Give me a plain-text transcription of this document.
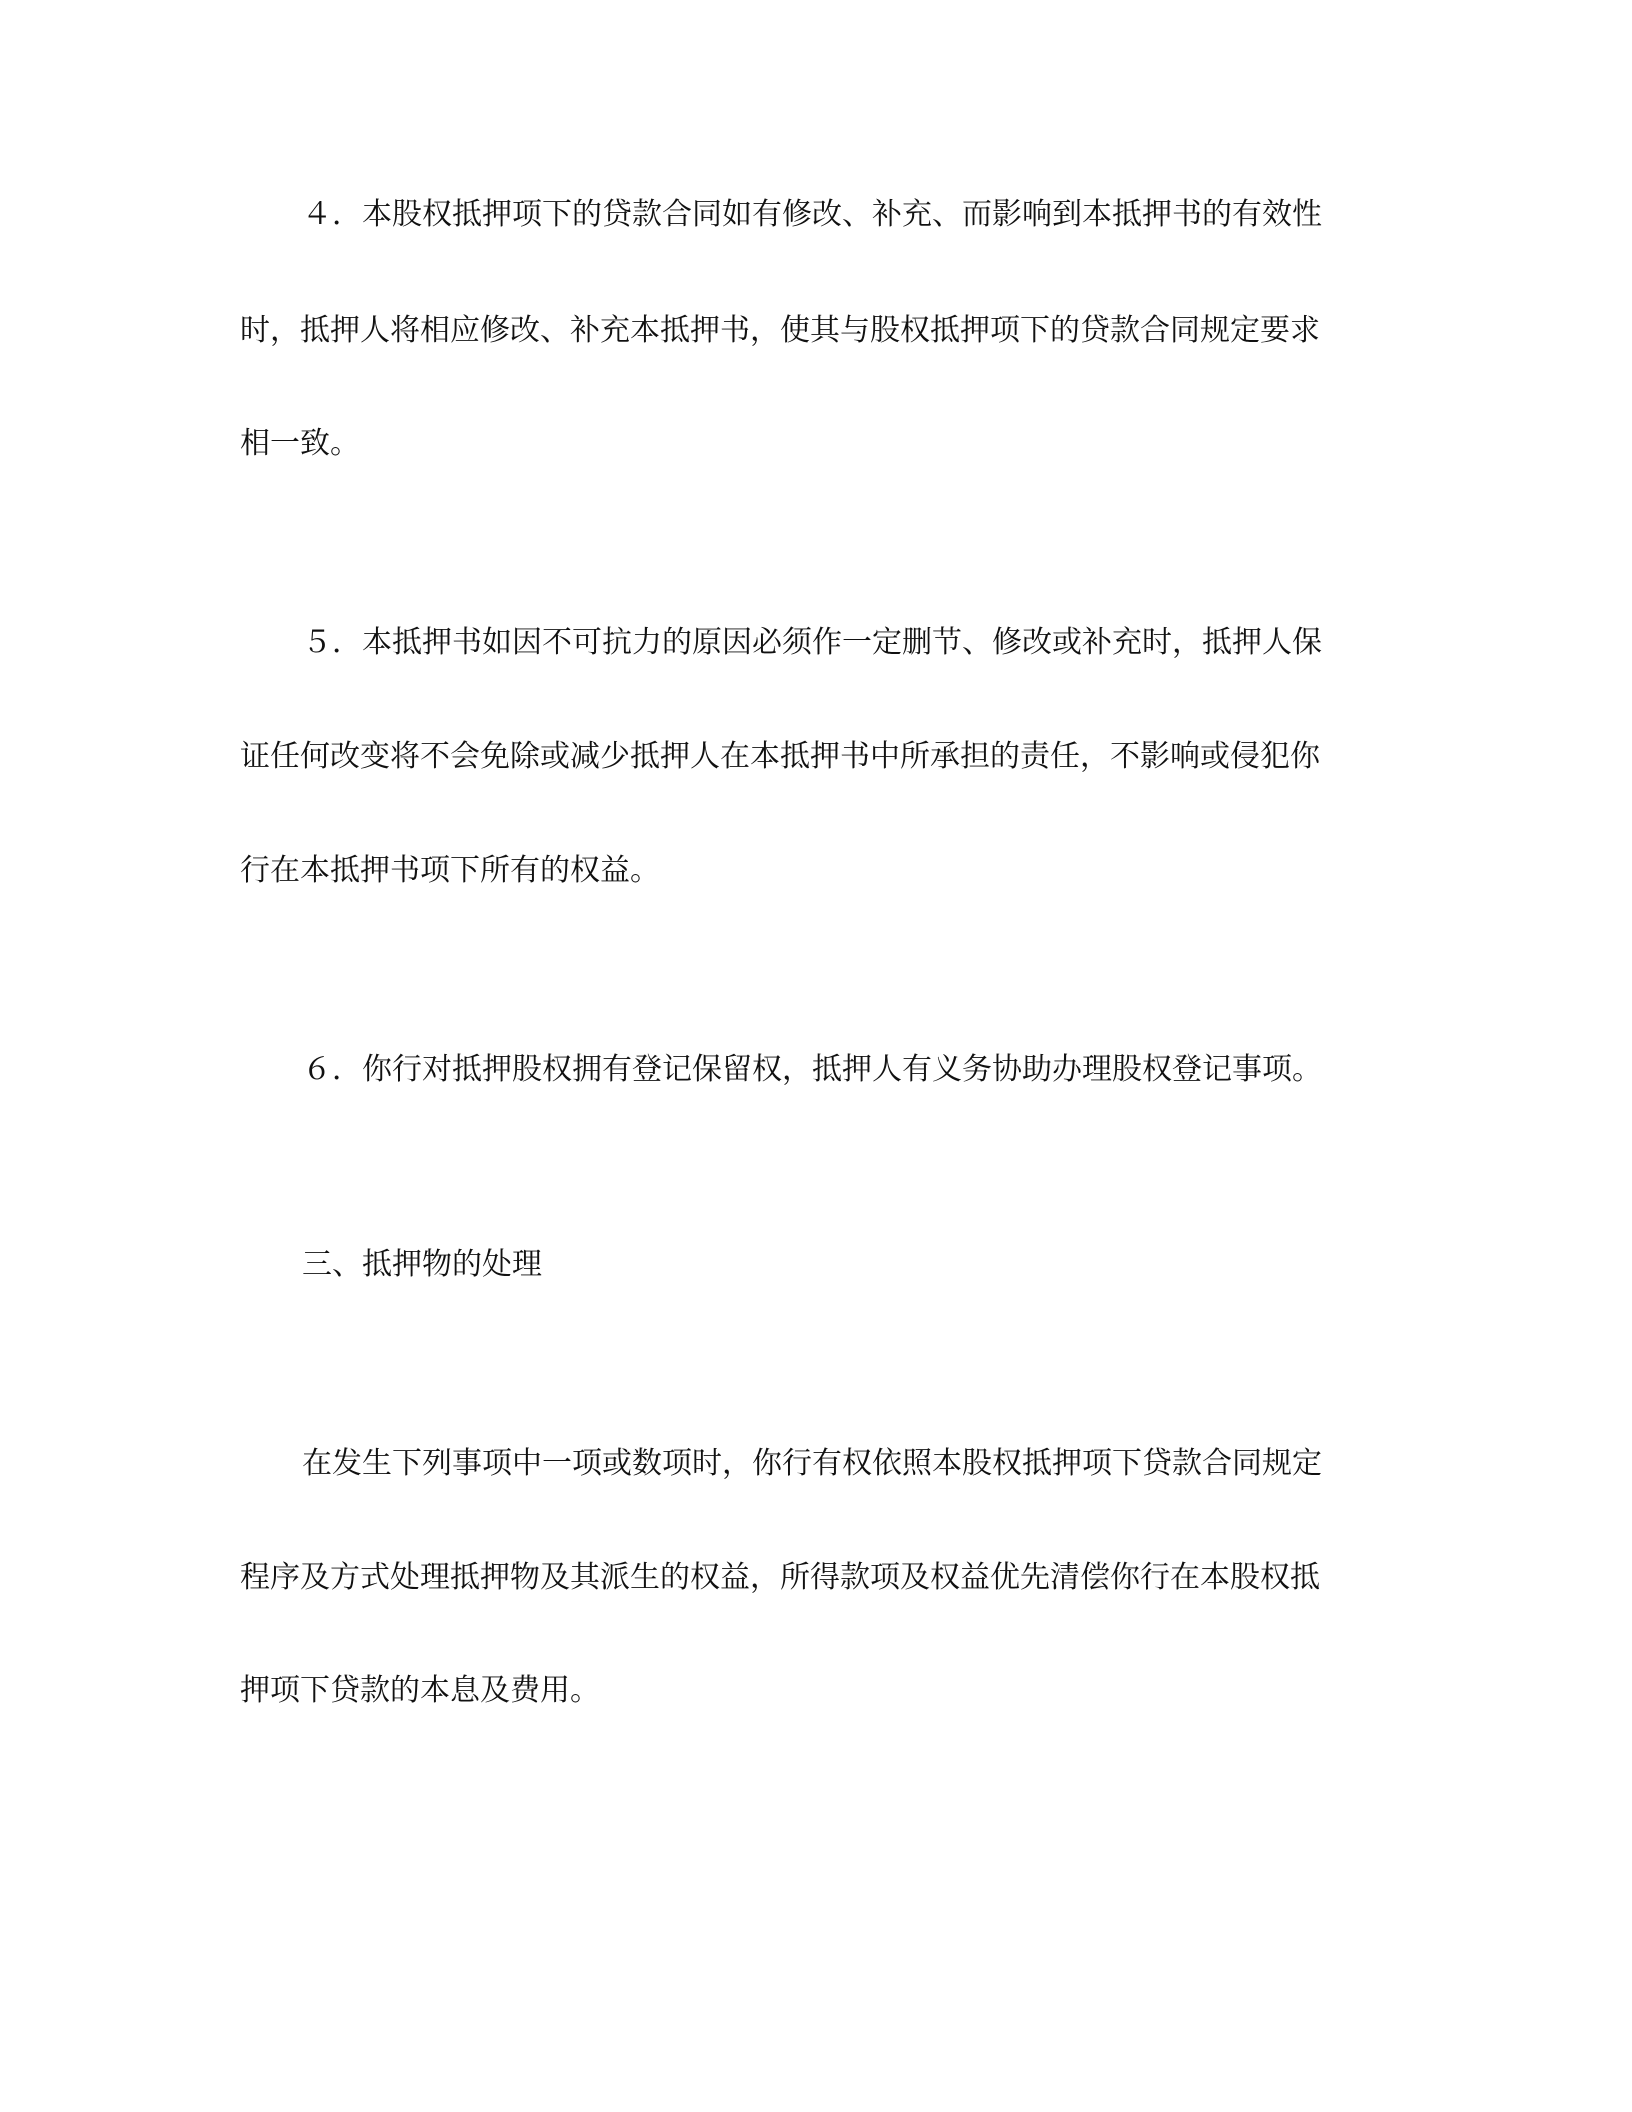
４．本股权抵押项下的贷款合同如有修改、补充、而影响到本抵押书的有效性
时，抵押人将相应修改、补充本抵押书，使其与股权抵押项下的贷款合同规定要求
相一致。
５．本抵押书如因不可抗力的原因必须作一定删节、修改或补充时，抵押人保
证任何改变将不会免除或减少抵押人在本抵押书中所承担的责任，不影响或侵犯你
行在本抵押书项下所有的权益。
６．你行对抵押股权拥有登记保留权，抵押人有义务协助办理股权登记事项。
三、抵押物的处理
在发生下列事项中一项或数项时，你行有权依照本股权抵押项下贷款合同规定
程序及方式处理抵押物及其派生的权益，所得款项及权益优先清偿你行在本股权抵
押项下贷款的本息及费用。
